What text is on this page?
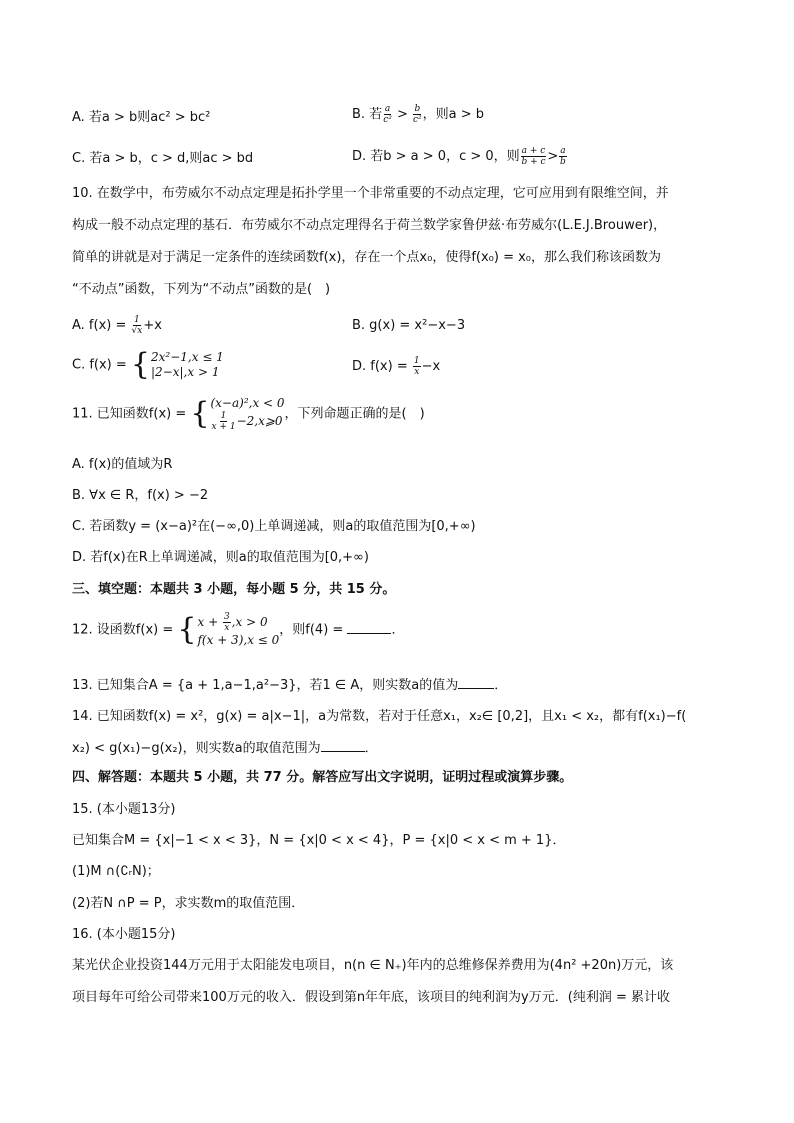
A. 若a > b则ac² > bc²	B. 若 $\frac{a}{\text{c²}} > \frac{b}{\text{c²}}$ ，则a > b
C. 若a > b，c > d,则ac > bd	D. 若b > a > 0，c > 0，则 $\frac{a + c}{b + c} > \frac{a}{b}$
10. 在数学中，布劳威尔不动点定理是拓扑学里一个非常重要的不动点定理，它可应用到有限维空间，并
构成一般不动点定理的基石．布劳威尔不动点定理得名于荷兰数学家鲁伊兹·布劳威尔(L.E.J.Brouwer)，
简单的讲就是对于满足一定条件的连续函数f(x)，存在一个点x₀，使得f(x₀) = x₀，那么我们称该函数为
“不动点”函数，下列为“不动点”函数的是(　)
A. $f(x) = \frac{1}{√x} +x$	B. g(x) = x²−x−3
C. f(x) = { 2x²−1,x ≤ 1
|2−x|,x > 1	D. $f(x) = \frac{1}{x} -x$
11. 已知函数f(x) = { (x−a)²,x < 0
$\frac{1}{x + 1}$ −2,x⩾0 ，下列命题正确的是(　)
A. f(x)的值域为R
B. ∀x ∈ R，f(x) > −2
C. 若函数y = (x−a)²在(−∞,0)上单调递减，则a的取值范围为[0,+∞)
D. 若f(x)在R上单调递减，则a的取值范围为[0,+∞)
三、填空题：本题共 3 小题，每小题 5 分，共 15 分。
12. 设函数f(x) = { $x + \frac{3}{x} ,x > 0$
f(x + 3),x ≤ 0
，则f(4) =	．
13. 已知集合A = {a + 1,a−1,a²−3}，若1 ∈ A，则实数a的值为	．
14. 已知函数f(x) = x²，g(x) = a|x−1|，a为常数，若对于任意x₁，x₂∈ [0,2]，且x₁ < x₂，都有f(x₁)−f(
x₂) < g(x₁)−g(x₂)，则实数a的取值范围为	．
四、解答题：本题共 5 小题，共 77 分。解答应写出文字说明，证明过程或演算步骤。
15. (本小题13分)
已知集合M = {x|−1 < x < 3}，N = {x|0 < x < 4}，P = {x|0 < x < m + 1}．
(1)M ∩(∁ᵣN)；
(2)若N ∩P = P，求实数m的取值范围．
16. (本小题15分)
某光伏企业投资144万元用于太阳能发电项目，n(n ∈ N₊)年内的总维修保养费用为(4n² +20n)万元，该
项目每年可给公司带来100万元的收入．假设到第n年年底，该项目的纯利润为y万元．(纯利润 = 累计收
